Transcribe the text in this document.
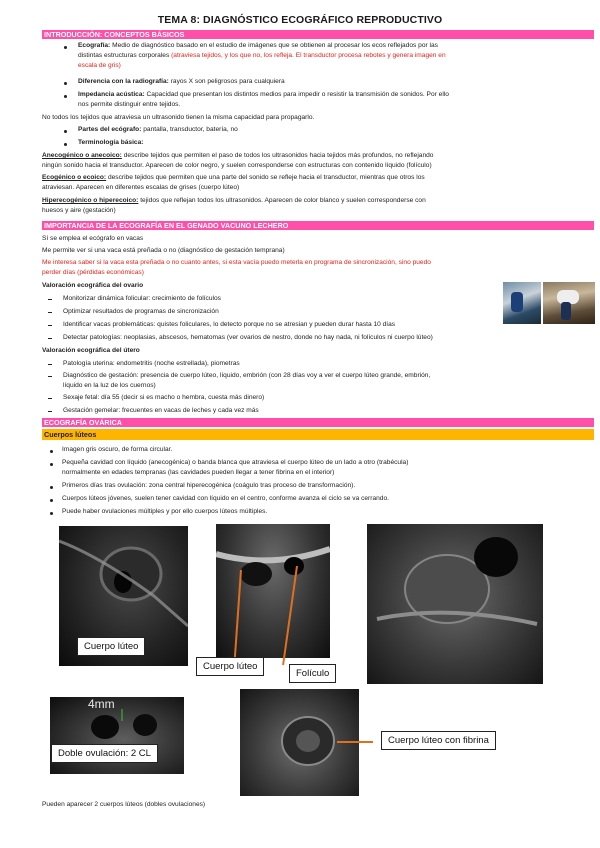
TEMA 8: DIAGNÓSTICO ECOGRÁFICO REPRODUCTIVO
INTRODUCCIÓN: CONCEPTOS BÁSICOS
Ecografía: Medio de diagnóstico basado en el estudio de imágenes que se obtienen al procesar los ecos reflejados por las
distintas estructuras corporales (atraviesa tejidos, y los que no, los refleja. El transductor procesa rebotes y genera imagen en
escala de gris)
Diferencia con la radiografía: rayos X son peligrosos para cualquiera
Impedancia acústica: Capacidad que presentan los distintos medios para impedir o resistir la transmisión de sonidos. Por ello
nos permite distinguir entre tejidos.
No todos los tejidos que atraviesa un ultrasonido tienen la misma capacidad para propagarlo.
Partes del ecógrafo: pantalla, transductor, batería, no
Terminología básica:
Anecogénico o anecoico: describe tejidos que permiten el paso de todos los ultrasonidos hacia tejidos más profundos, no reflejando
ningún sonido hacia el transductor. Aparecen de color negro, y suelen corresponderse con estructuras con contenido líquido (folículo)
Ecogénico o ecoico: describe tejidos que permiten que una parte del sonido se refleje hacia el transductor, mientras que otros los
atraviesan. Aparecen en diferentes escalas de grises (cuerpo lúteo)
Hiperecogénico o hiperecoico: tejidos que reflejan todos los ultrasonidos. Aparecen de color blanco y suelen corresponderse con
huesos y aire (gestación)
IMPORTANCIA DE LA ECOGRAFÍA EN EL GENADO VACUNO LECHERO
Sí se emplea el ecógrafo en vacas
Me permite ver si una vaca está preñada o no (diagnóstico de gestación temprana)
Me interesa saber si la vaca esta preñada o no cuanto antes, si esta vacía puedo meterla en programa de sincronización, sino puedo
perder días (pérdidas económicas)
Valoración ecográfica del ovario
Monitorizar dinámica folicular: crecimiento de folículos
Optimizar resultados de programas de sincronización
Identificar vacas problemáticas: quistes foliculares, lo detecto porque no se atresian y pueden durar hasta 10 días
Detectar patologías: neoplasias, abscesos, hematomas (ver ovarios de nestro, donde no hay nada, ni folículos ni cuerpo lúteo)
Valoración ecográfica del útero
Patología uterina: endometritis (noche estrellada), piometras
Diagnóstico de gestación: presencia de cuerpo lúteo, líquido, embrión (con 28 días voy a ver el cuerpo lúteo grande, embrión,
líquido en la luz de los cuernos)
Sexaje fetal: día 55 (decir si es macho o hembra, cuesta más dinero)
Gestación gemelar: frecuentes en vacas de leches y cada vez más
ECOGRAFÍA OVÁRICA
Cuerpos lúteos
Imagen gris oscuro, de forma circular.
Pequeña cavidad con líquido (anecogénica) o banda blanca que atraviesa el cuerpo lúteo de un lado a otro (trabécula)
normalmente en edades tempranas (las cavidades pueden llegar a tener fibrina en el interior)
Primeros días tras ovulación: zona central hiperecogénica (coágulo tras proceso de transformación).
Cuerpos lúteos jóvenes, suelen tener cavidad con líquido en el centro, conforme avanza el ciclo se va cerrando.
Puede haber ovulaciones múltiples y por ello cuerpos lúteos múltiples.
Cuerpo lúteo
Cuerpo lúteo
Folículo
4mm
Doble ovulación: 2 CL
Cuerpo lúteo con fibrina
Pueden aparecer 2 cuerpos lúteos (dobles ovulaciones)
